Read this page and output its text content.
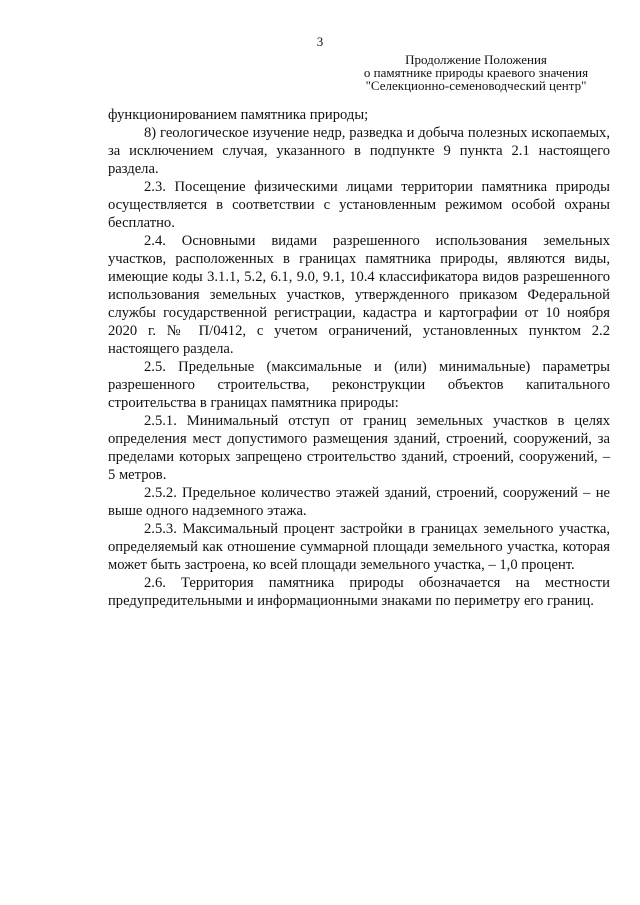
3
Продолжение Положения
о памятнике природы краевого значения
"Селекционно-семеноводческий центр"

функционированием памятника природы;

8) геологическое изучение недр, разведка и добыча полезных ископаемых, за исключением случая, указанного в подпункте 9 пункта 2.1 настоящего раздела.

2.3. Посещение физическими лицами территории памятника природы осуществляется в соответствии с установленным режимом особой охраны бесплатно.

2.4. Основными видами разрешенного использования земельных участков, расположенных в границах памятника природы, являются виды, имеющие коды 3.1.1, 5.2, 6.1, 9.0, 9.1, 10.4 классификатора видов разрешенного использования земельных участков, утвержденного приказом Федеральной службы государственной регистрации, кадастра и картографии от 10 ноября 2020 г. № П/0412, с учетом ограничений, установленных пунктом 2.2 настоящего раздела.

2.5. Предельные (максимальные и (или) минимальные) параметры разрешенного строительства, реконструкции объектов капитального строительства в границах памятника природы:

2.5.1. Минимальный отступ от границ земельных участков в целях определения мест допустимого размещения зданий, строений, сооружений, за пределами которых запрещено строительство зданий, строений, сооружений, – 5 метров.

2.5.2. Предельное количество этажей зданий, строений, сооружений – не выше одного надземного этажа.

2.5.3. Максимальный процент застройки в границах земельного участка, определяемый как отношение суммарной площади земельного участка, которая может быть застроена, ко всей площади земельного участка, – 1,0 процент.

2.6. Территория памятника природы обозначается на местности предупредительными и информационными знаками по периметру его границ.
